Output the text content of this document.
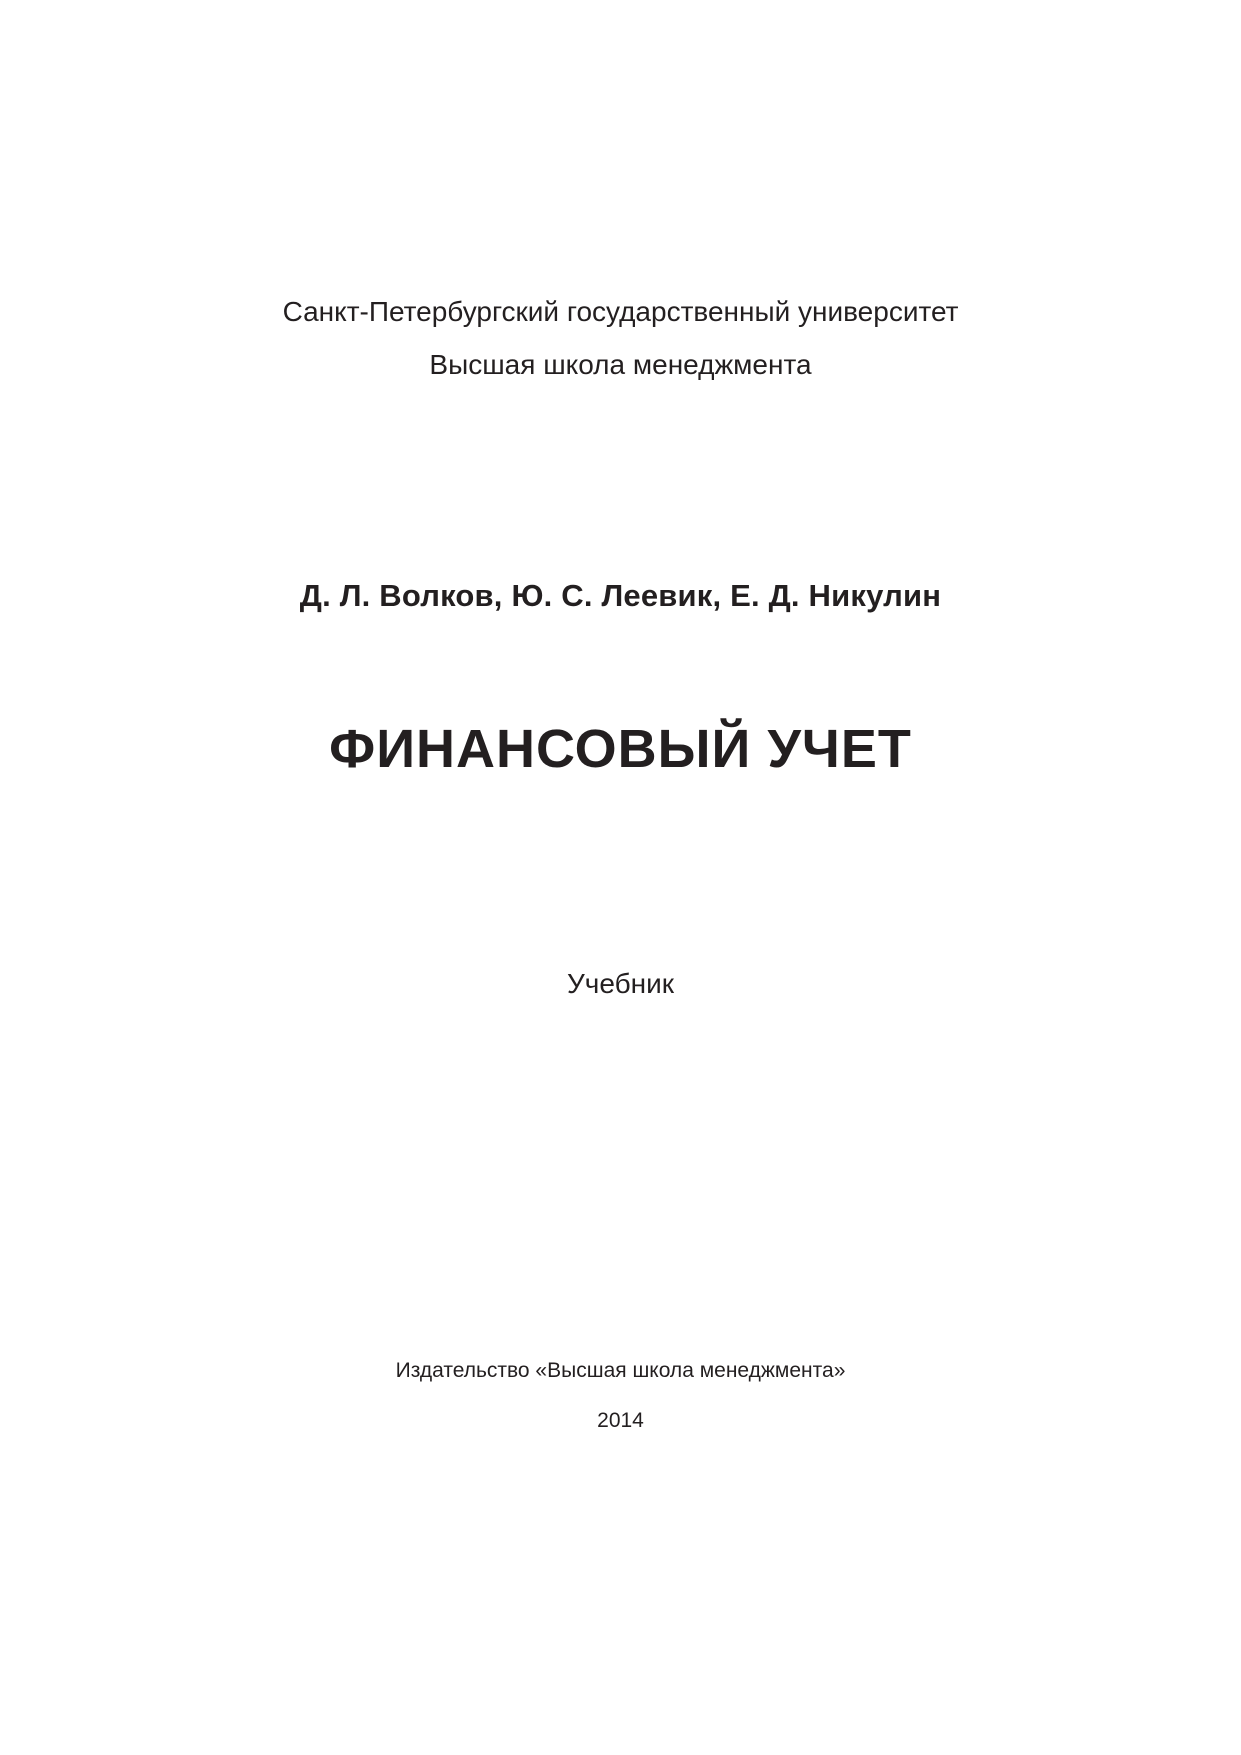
Санкт-Петербургский государственный университет
Высшая школа менеджмента
Д. Л. Волков, Ю. С. Леевик, Е. Д. Никулин
ФИНАНСОВЫЙ УЧЕТ
Учебник
Издательство «Высшая школа менеджмента»
2014
